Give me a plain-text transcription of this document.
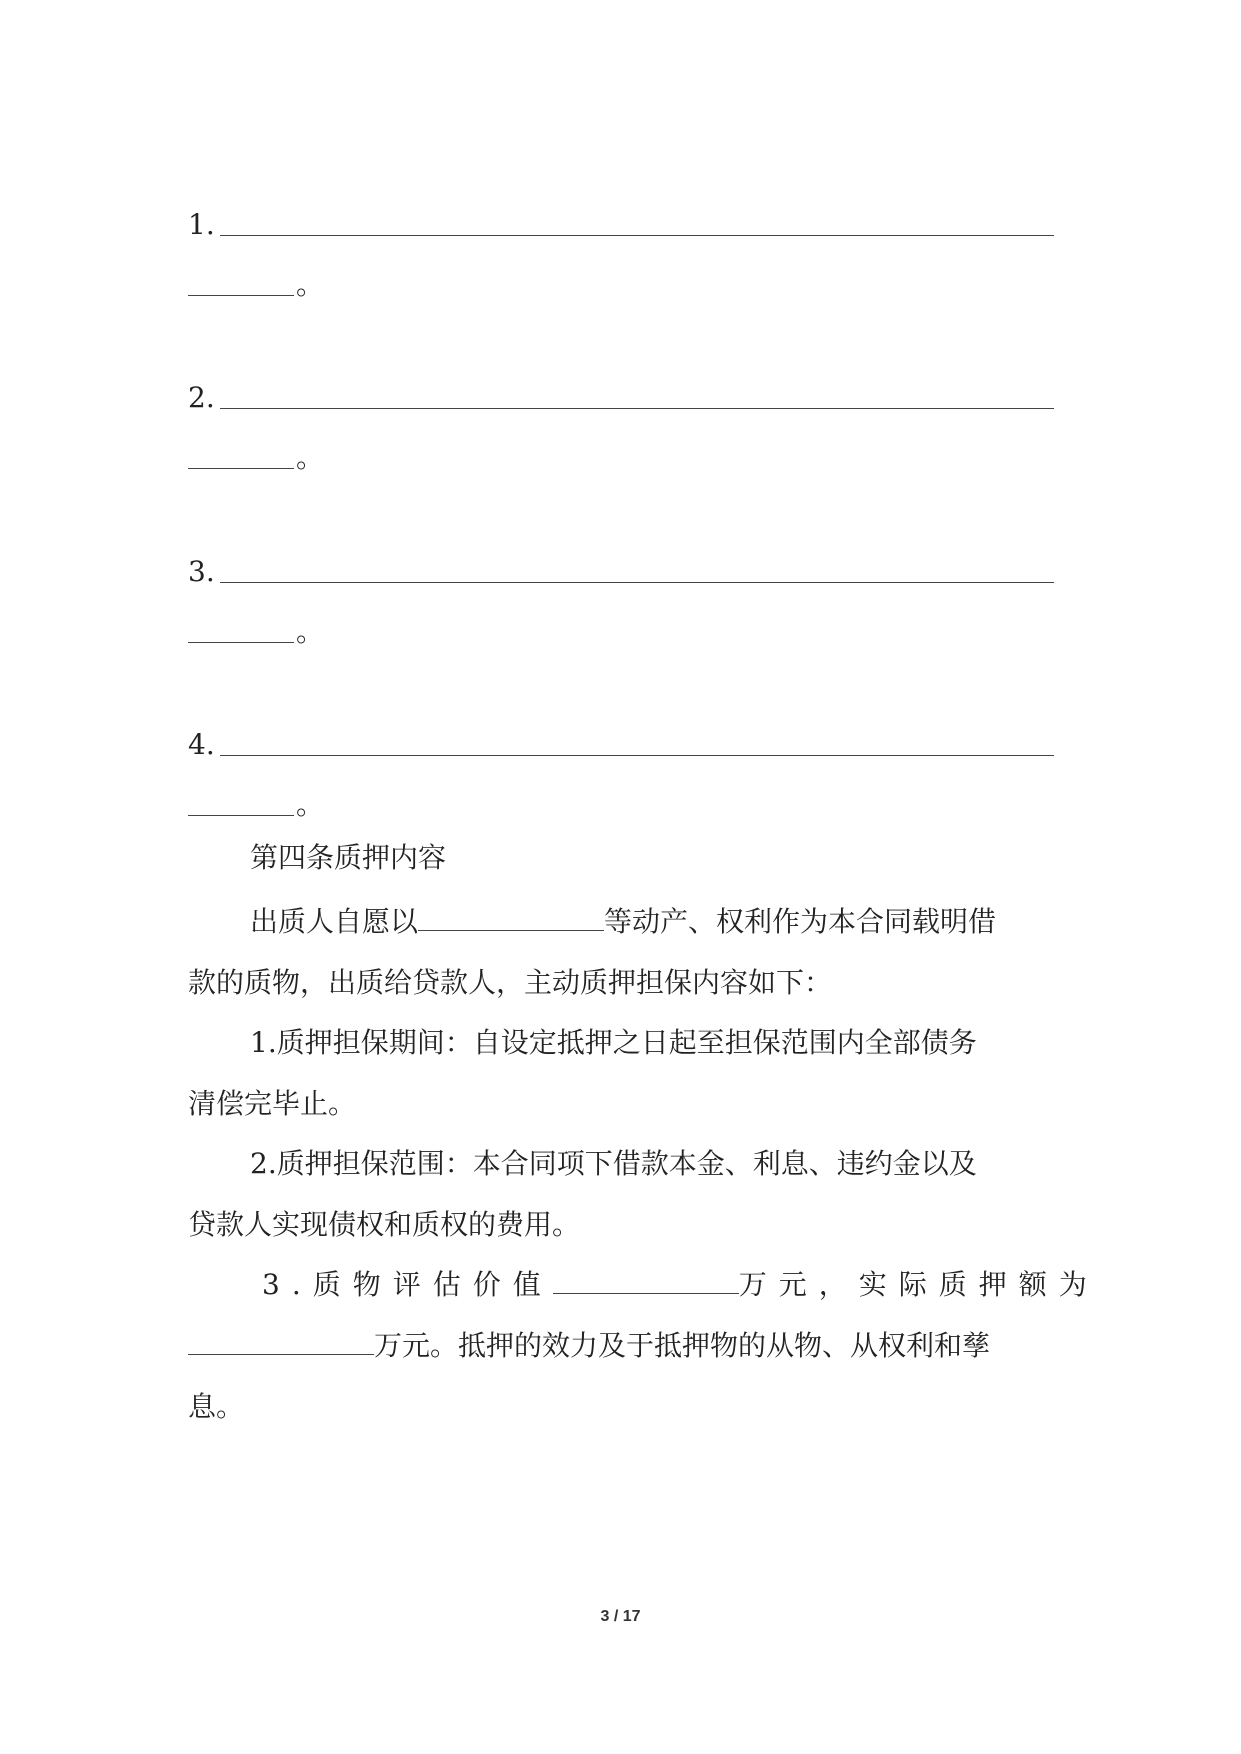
1.
。
2.
。
3.
。
4.
。
第四条质押内容
出质人自愿以	等动产、权利作为本合同载明借
款的质物，出质给贷款人，主动质押担保内容如下：
1.质押担保期间：自设定抵押之日起至担保范围内全部债务
清偿完毕止。
2.质押担保范围：本合同项下借款本金、利息、违约金以及
贷款人实现债权和质权的费用。
3.质物评估价值	万元，实际质押额为
万元。抵押的效力及于抵押物的从物、从权利和孳
息。
3 / 17
